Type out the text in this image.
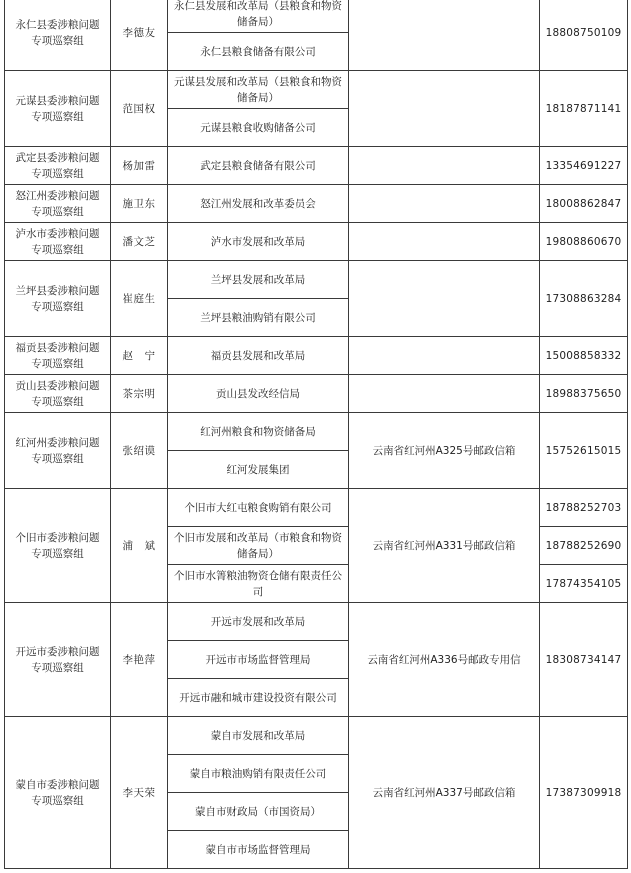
永仁县委涉粮问题专项巡察组	李德友	永仁县发展和改革局（县粮食和物资储备局）		18808750109
		永仁县粮食储备有限公司		
元谋县委涉粮问题专项巡察组	范国权	元谋县发展和改革局（县粮食和物资储备局）		18187871141
		元谋县粮食收购储备公司		
武定县委涉粮问题专项巡察组	杨加雷	武定县粮食储备有限公司		13354691227
怒江州委涉粮问题专项巡察组	施卫东	怒江州发展和改革委员会		18008862847
泸水市委涉粮问题专项巡察组	潘文芝	泸水市发展和改革局		19808860670
兰坪县委涉粮问题专项巡察组	崔庭生	兰坪县发展和改革局		17308863284
		兰坪县粮油购销有限公司		
福贡县委涉粮问题专项巡察组	赵　宁	福贡县发展和改革局		15008858332
贡山县委涉粮问题专项巡察组	茶宗明	贡山县发改经信局		18988375650
红河州委涉粮问题专项巡察组	张绍谟	红河州粮食和物资储备局	云南省红河州A325号邮政信箱	15752615015
		红河发展集团		
个旧市委涉粮问题专项巡察组	浦　斌	个旧市大红屯粮食购销有限公司	云南省红河州A331号邮政信箱	18788252703
		个旧市发展和改革局（市粮食和物资储备局）		18788252690
		个旧市水箐粮油物资仓储有限责任公司		17874354105
开远市委涉粮问题专项巡察组	李艳萍	开远市发展和改革局	云南省红河州A336号邮政专用信	18308734147
		开远市市场监督管理局		
		开远市融和城市建设投资有限公司		
蒙自市委涉粮问题专项巡察组	李天荣	蒙自市发展和改革局	云南省红河州A337号邮政信箱	17387309918
		蒙自市粮油购销有限责任公司		
		蒙自市财政局（市国资局）		
		蒙自市市场监督管理局		
